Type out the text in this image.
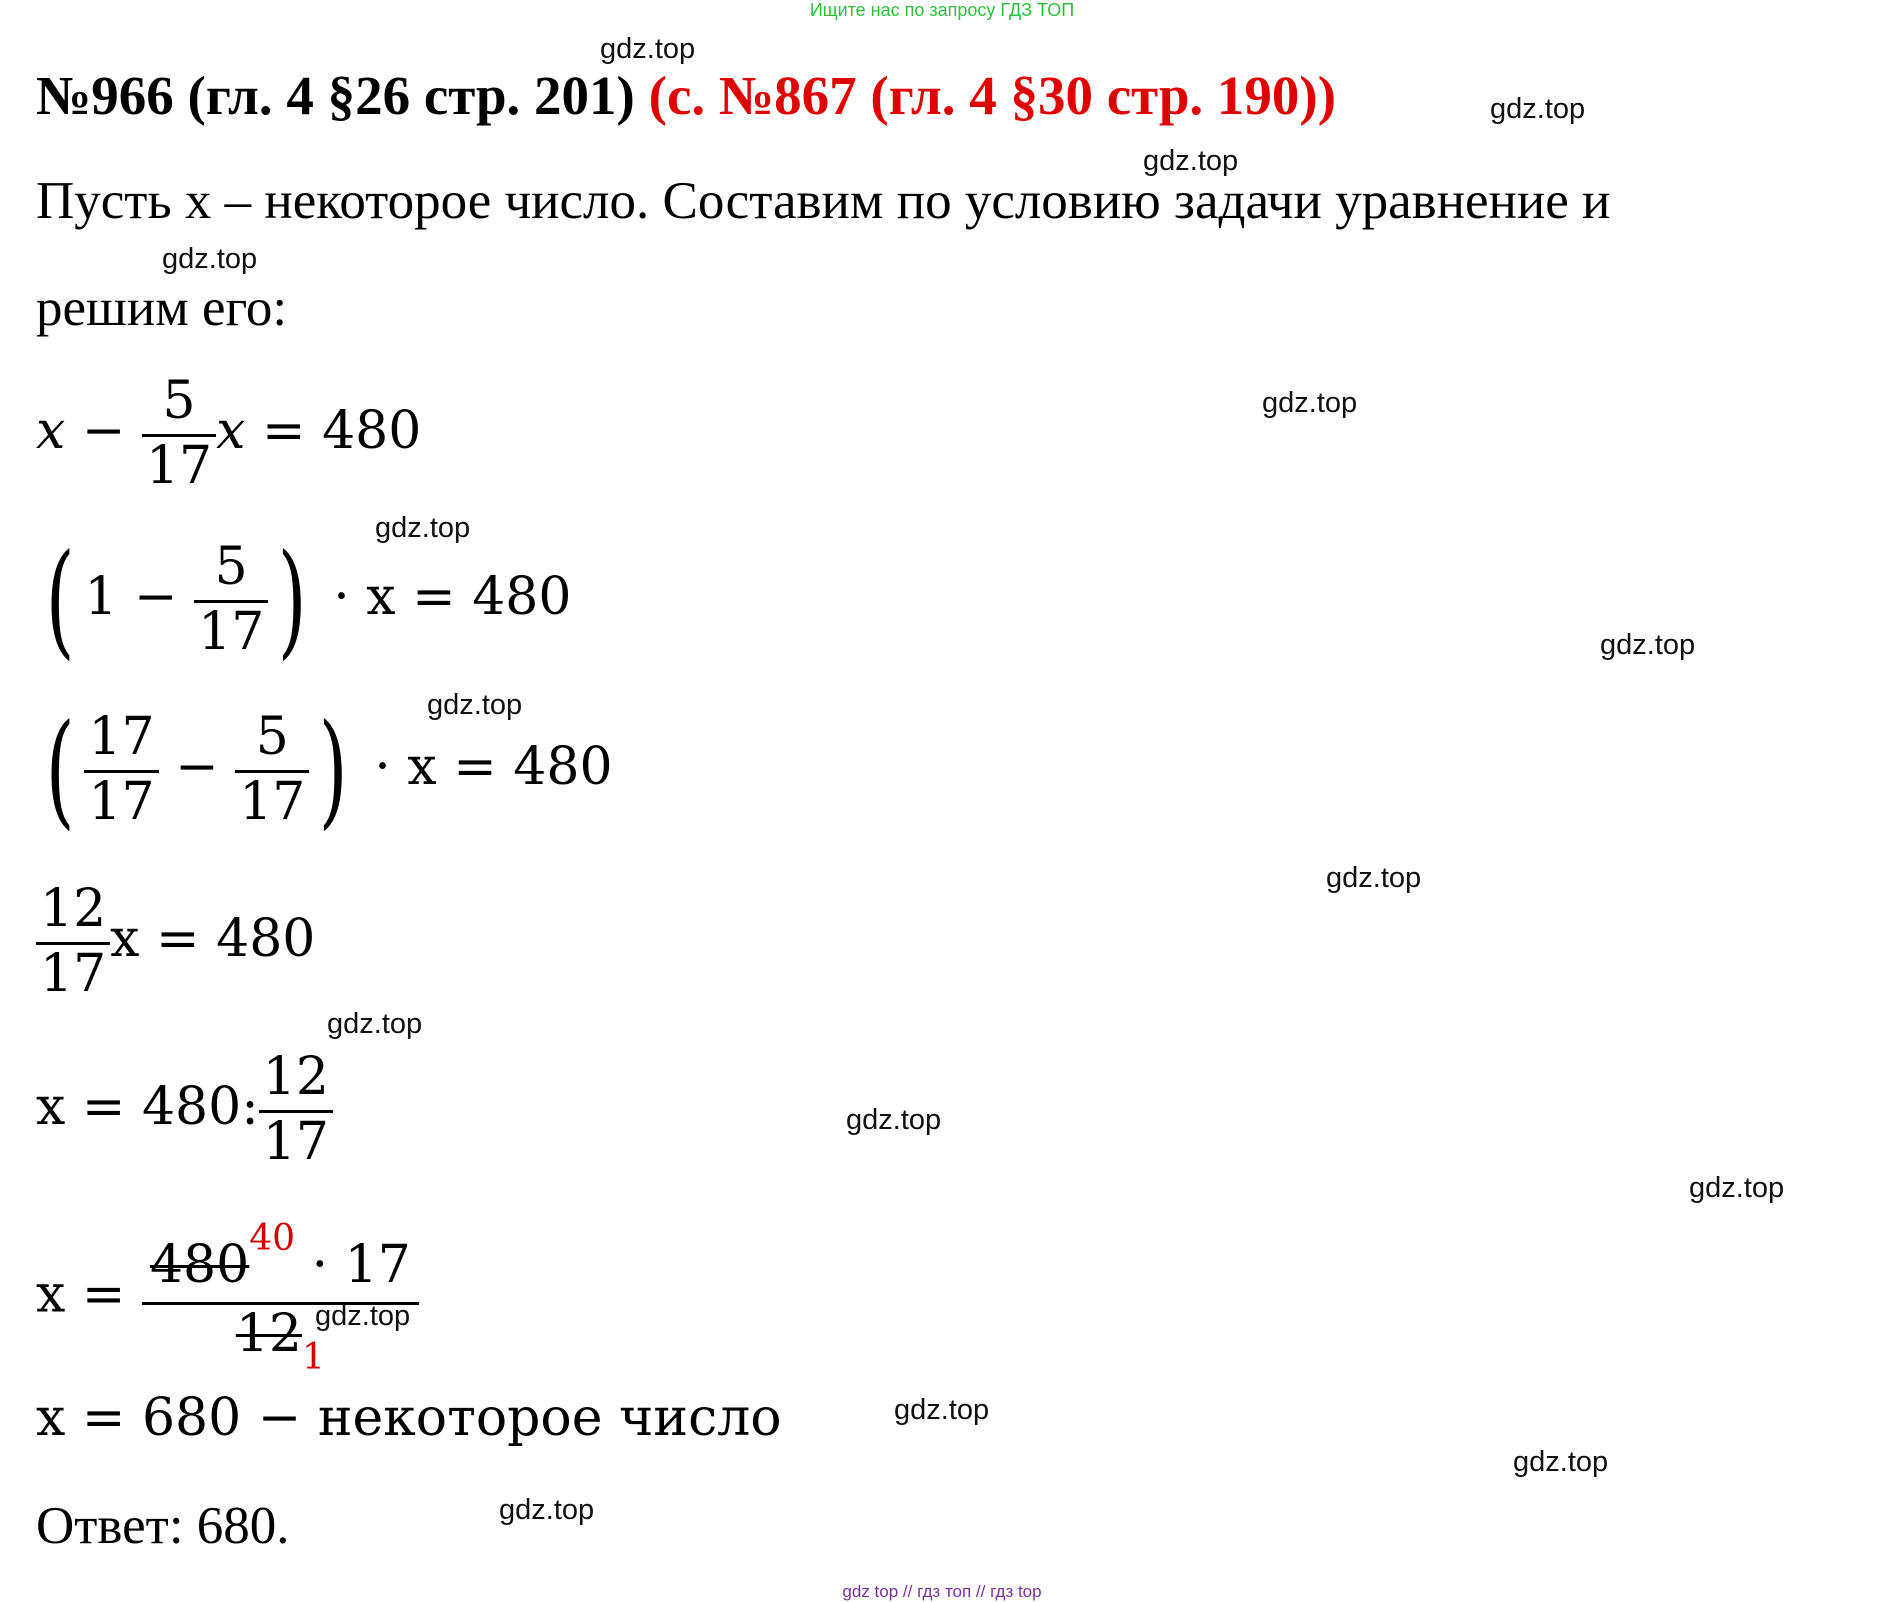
Ищите нас по запросу ГДЗ ТОП
№966 (гл. 4 §26 стр. 201) (с. №867 (гл. 4 §30 стр. 190))
Пусть x – некоторое число. Составим по условию задачи уравнение и
решим его:
$x - \frac{5}{17}$ x = 480
( $1 - \frac{5}{17}$ ) · x = 480
( $\frac{17}{17} - \frac{5}{17}$ ) · x = 480
$\frac{12}{17}$ x = 480
x = 480: $\frac{12}{17}$
$x = \frac{480^{40} \cdot 17}{12_1}$
x = 680 − некоторое число
Ответ: 680.
gdz.top
gdz.top
gdz.top
gdz.top
gdz.top
gdz.top
gdz.top
gdz.top
gdz.top
gdz.top
gdz.top
gdz.top
gdz.top
gdz.top
gdz.top
gdz.top
gdz top // гдз топ // гдз top
